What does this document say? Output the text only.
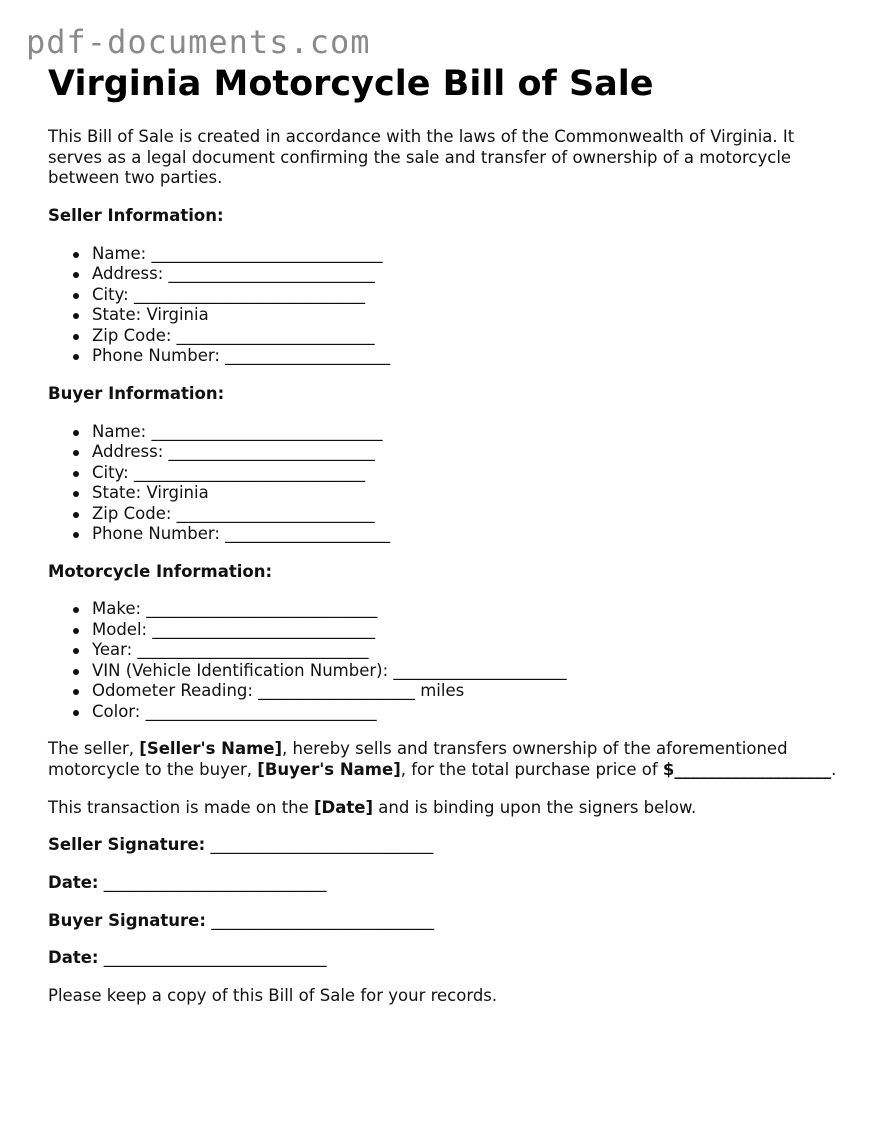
pdf-documents.com
Virginia Motorcycle Bill of Sale

This Bill of Sale is created in accordance with the laws of the Commonwealth of Virginia. It serves as a legal document confirming the sale and transfer of ownership of a motorcycle between two parties.

Seller Information:

Name: ____________________________
Address: _________________________
City: ____________________________
State: Virginia
Zip Code: ________________________
Phone Number: ____________________

Buyer Information:

Name: ____________________________
Address: _________________________
City: ____________________________
State: Virginia
Zip Code: ________________________
Phone Number: ____________________

Motorcycle Information:

Make: ____________________________
Model: ___________________________
Year: ____________________________
VIN (Vehicle Identification Number): _____________________
Odometer Reading: ___________________ miles
Color: ____________________________

The seller, [Seller's Name], hereby sells and transfers ownership of the aforementioned motorcycle to the buyer, [Buyer's Name], for the total purchase price of $___________________.

This transaction is made on the [Date] and is binding upon the signers below.

Seller Signature: ___________________________
Date: ___________________________
Buyer Signature: ___________________________
Date: ___________________________

Please keep a copy of this Bill of Sale for your records.
